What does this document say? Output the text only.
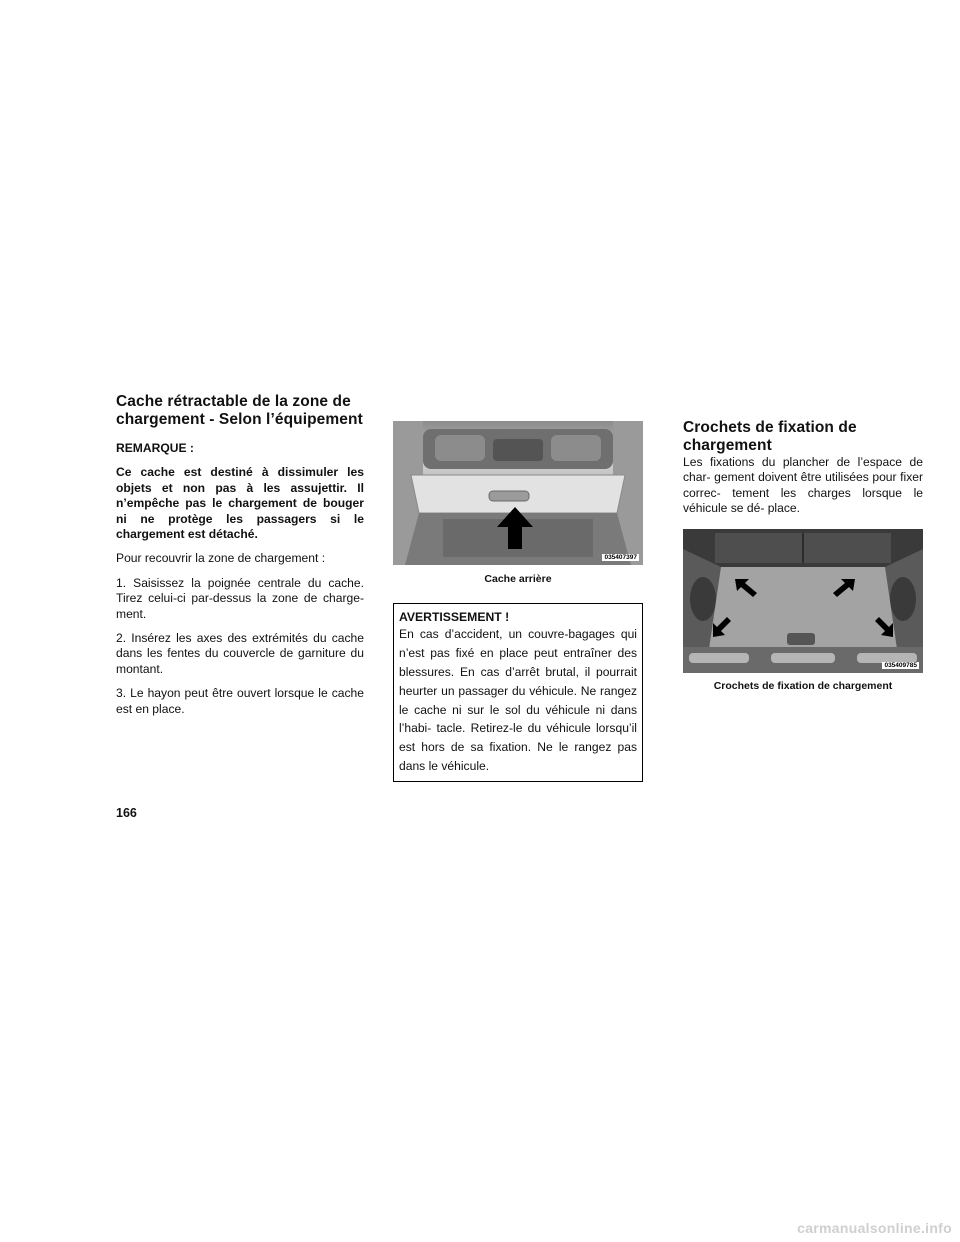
Cache rétractable de la zone de chargement - Selon l’équipement

REMARQUE :

Ce cache est destiné à dissimuler les objets et non pas à les assujettir. Il n’empêche pas le chargement de bouger ni ne protège les passagers si le chargement est détaché.

Pour recouvrir la zone de chargement :

1. Saisissez la poignée centrale du cache. Tirez celui-ci par-dessus la zone de charge- ment.

2. Insérez les axes des extrémités du cache dans les fentes du couvercle de garniture du montant.

3. Le hayon peut être ouvert lorsque le cache est en place.

035407397

Cache arrière

AVERTISSEMENT !

En cas d’accident, un couvre-bagages qui n’est pas fixé en place peut entraîner des blessures. En cas d’arrêt brutal, il pourrait heurter un passager du véhicule. Ne rangez le cache ni sur le sol du véhicule ni dans l’habi- tacle. Retirez-le du véhicule lorsqu’il est hors de sa fixation. Ne le rangez pas dans le véhicule.

Crochets de fixation de chargement

Les fixations du plancher de l’espace de char- gement doivent être utilisées pour fixer correc- tement les charges lorsque le véhicule se dé- place.

035409785

Crochets de fixation de chargement

166
carmanualsonline.info
